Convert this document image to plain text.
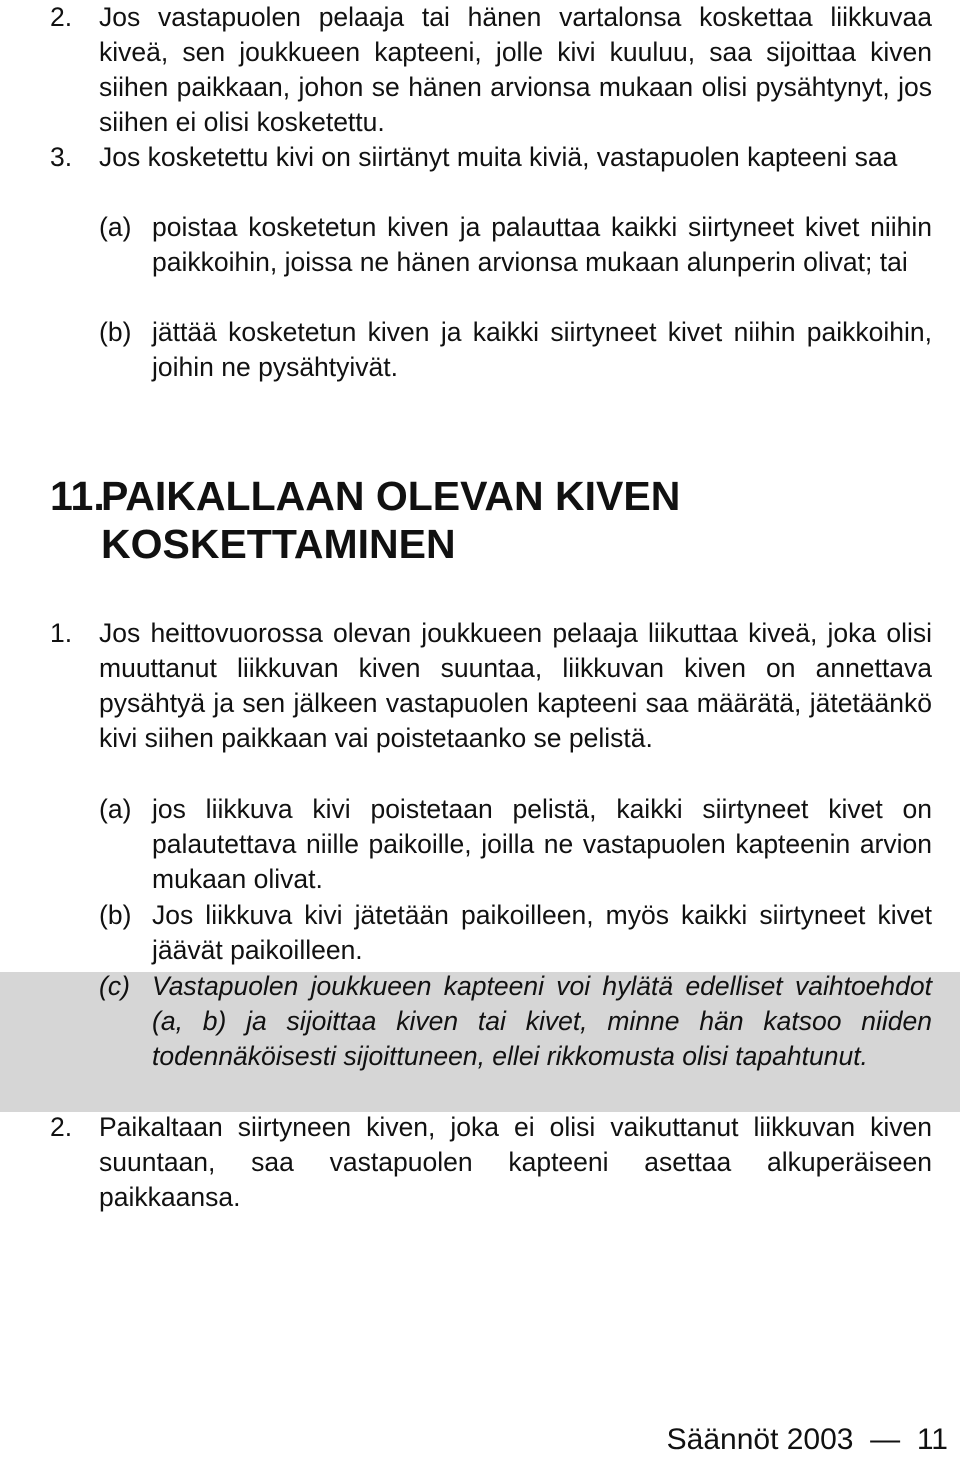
2. Jos vastapuolen pelaaja tai hänen vartalonsa koskettaa liikkuvaa kiveä, sen joukkueen kapteeni, jolle kivi kuuluu, saa sijoittaa kiven siihen paikkaan, johon se hänen arvionsa mukaan olisi pysähtynyt, jos siihen ei olisi kosketettu.

3. Jos kosketettu kivi on siirtänyt muita kiviä, vastapuolen kapteeni saa

(a) poistaa kosketetun kiven ja palauttaa kaikki siirtyneet kivet niihin paikkoihin, joissa ne hänen arvionsa mukaan alunperin olivat; tai

(b) jättää kosketetun kiven ja kaikki siirtyneet kivet niihin paikkoihin, joihin ne pysähtyivät.

11.
PAIKALLAAN OLEVAN KIVEN KOSKETTAMINEN
1. Jos heittovuorossa olevan joukkueen pelaaja liikuttaa kiveä, joka olisi muuttanut liikkuvan kiven suuntaa, liikkuvan kiven on annettava pysähtyä ja sen jälkeen vastapuolen kapteeni saa määrätä, jätetäänkö kivi siihen paikkaan vai poistetaanko se pelistä.

(a) jos liikkuva kivi poistetaan pelistä, kaikki siirtyneet kivet on palautettava niille paikoille, joilla ne vastapuolen kapteenin arvion mukaan olivat.

(b) Jos liikkuva kivi jätetään paikoilleen, myös kaikki siirtyneet kivet jäävät paikoilleen.

(c) Vastapuolen joukkueen kapteeni voi hylätä edelliset vaihtoehdot (a, b) ja sijoittaa kiven tai kivet, minne hän katsoo niiden todennäköisesti sijoittuneen, ellei rikkomusta olisi tapahtunut.

2. Paikaltaan siirtyneen kiven, joka ei olisi vaikuttanut liikkuvan kiven suuntaan, saa vastapuolen kapteeni asettaa alkuperäiseen paikkaansa.

Säännöt 2003  —  11
